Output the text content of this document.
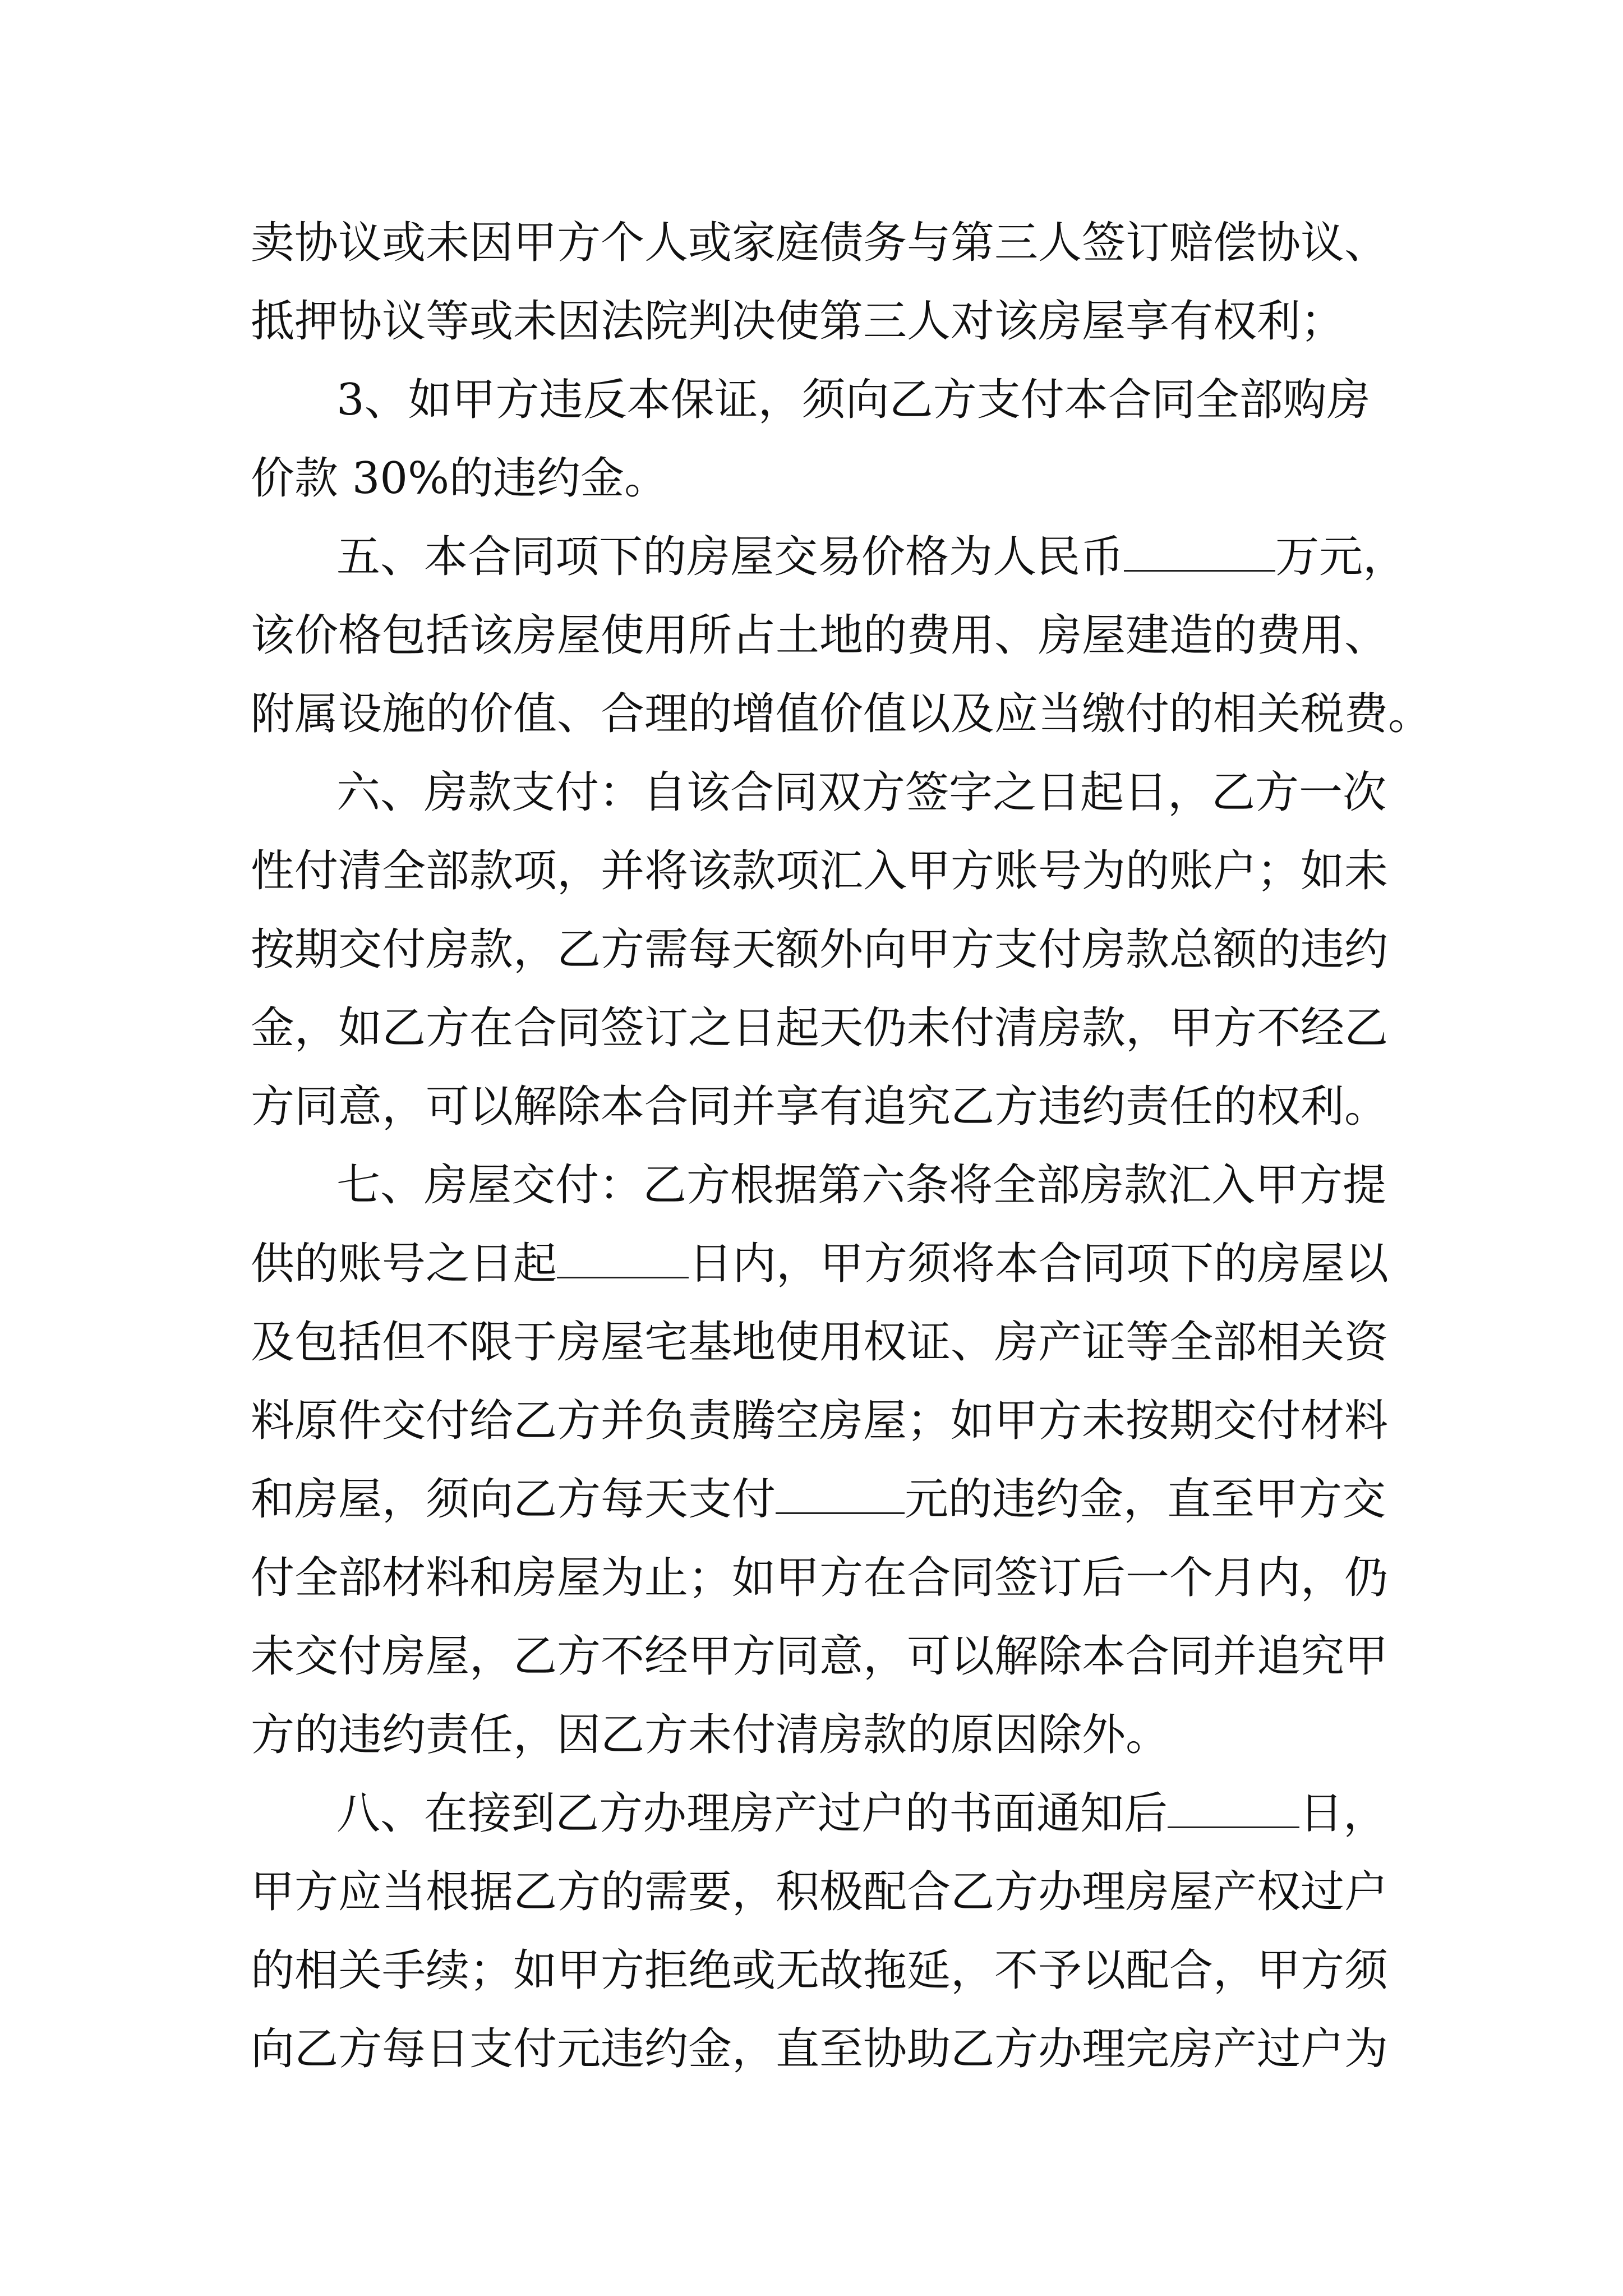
卖协议或未因甲方个人或家庭债务与第三人签订赔偿协议、
抵押协议等或未因法院判决使第三人对该房屋享有权利；
3、如甲方违反本保证，须向乙方支付本合同全部购房
价款 30%的违约金。
五、本合同项下的房屋交易价格为人民币	万元，
该价格包括该房屋使用所占土地的费用、房屋建造的费用、
附属设施的价值、合理的增值价值以及应当缴付的相关税费。
六、房款支付：自该合同双方签字之日起日，乙方一次
性付清全部款项，并将该款项汇入甲方账号为的账户；如未
按期交付房款，乙方需每天额外向甲方支付房款总额的违约
金，如乙方在合同签订之日起天仍未付清房款，甲方不经乙
方同意，可以解除本合同并享有追究乙方违约责任的权利。
七、房屋交付：乙方根据第六条将全部房款汇入甲方提
供的账号之日起	日内，甲方须将本合同项下的房屋以
及包括但不限于房屋宅基地使用权证、房产证等全部相关资
料原件交付给乙方并负责腾空房屋；如甲方未按期交付材料
和房屋，须向乙方每天支付	元的违约金，直至甲方交
付全部材料和房屋为止；如甲方在合同签订后一个月内，仍
未交付房屋，乙方不经甲方同意，可以解除本合同并追究甲
方的违约责任，因乙方未付清房款的原因除外。
八、在接到乙方办理房产过户的书面通知后	日，
甲方应当根据乙方的需要，积极配合乙方办理房屋产权过户
的相关手续；如甲方拒绝或无故拖延，不予以配合，甲方须
向乙方每日支付元违约金，直至协助乙方办理完房产过户为
